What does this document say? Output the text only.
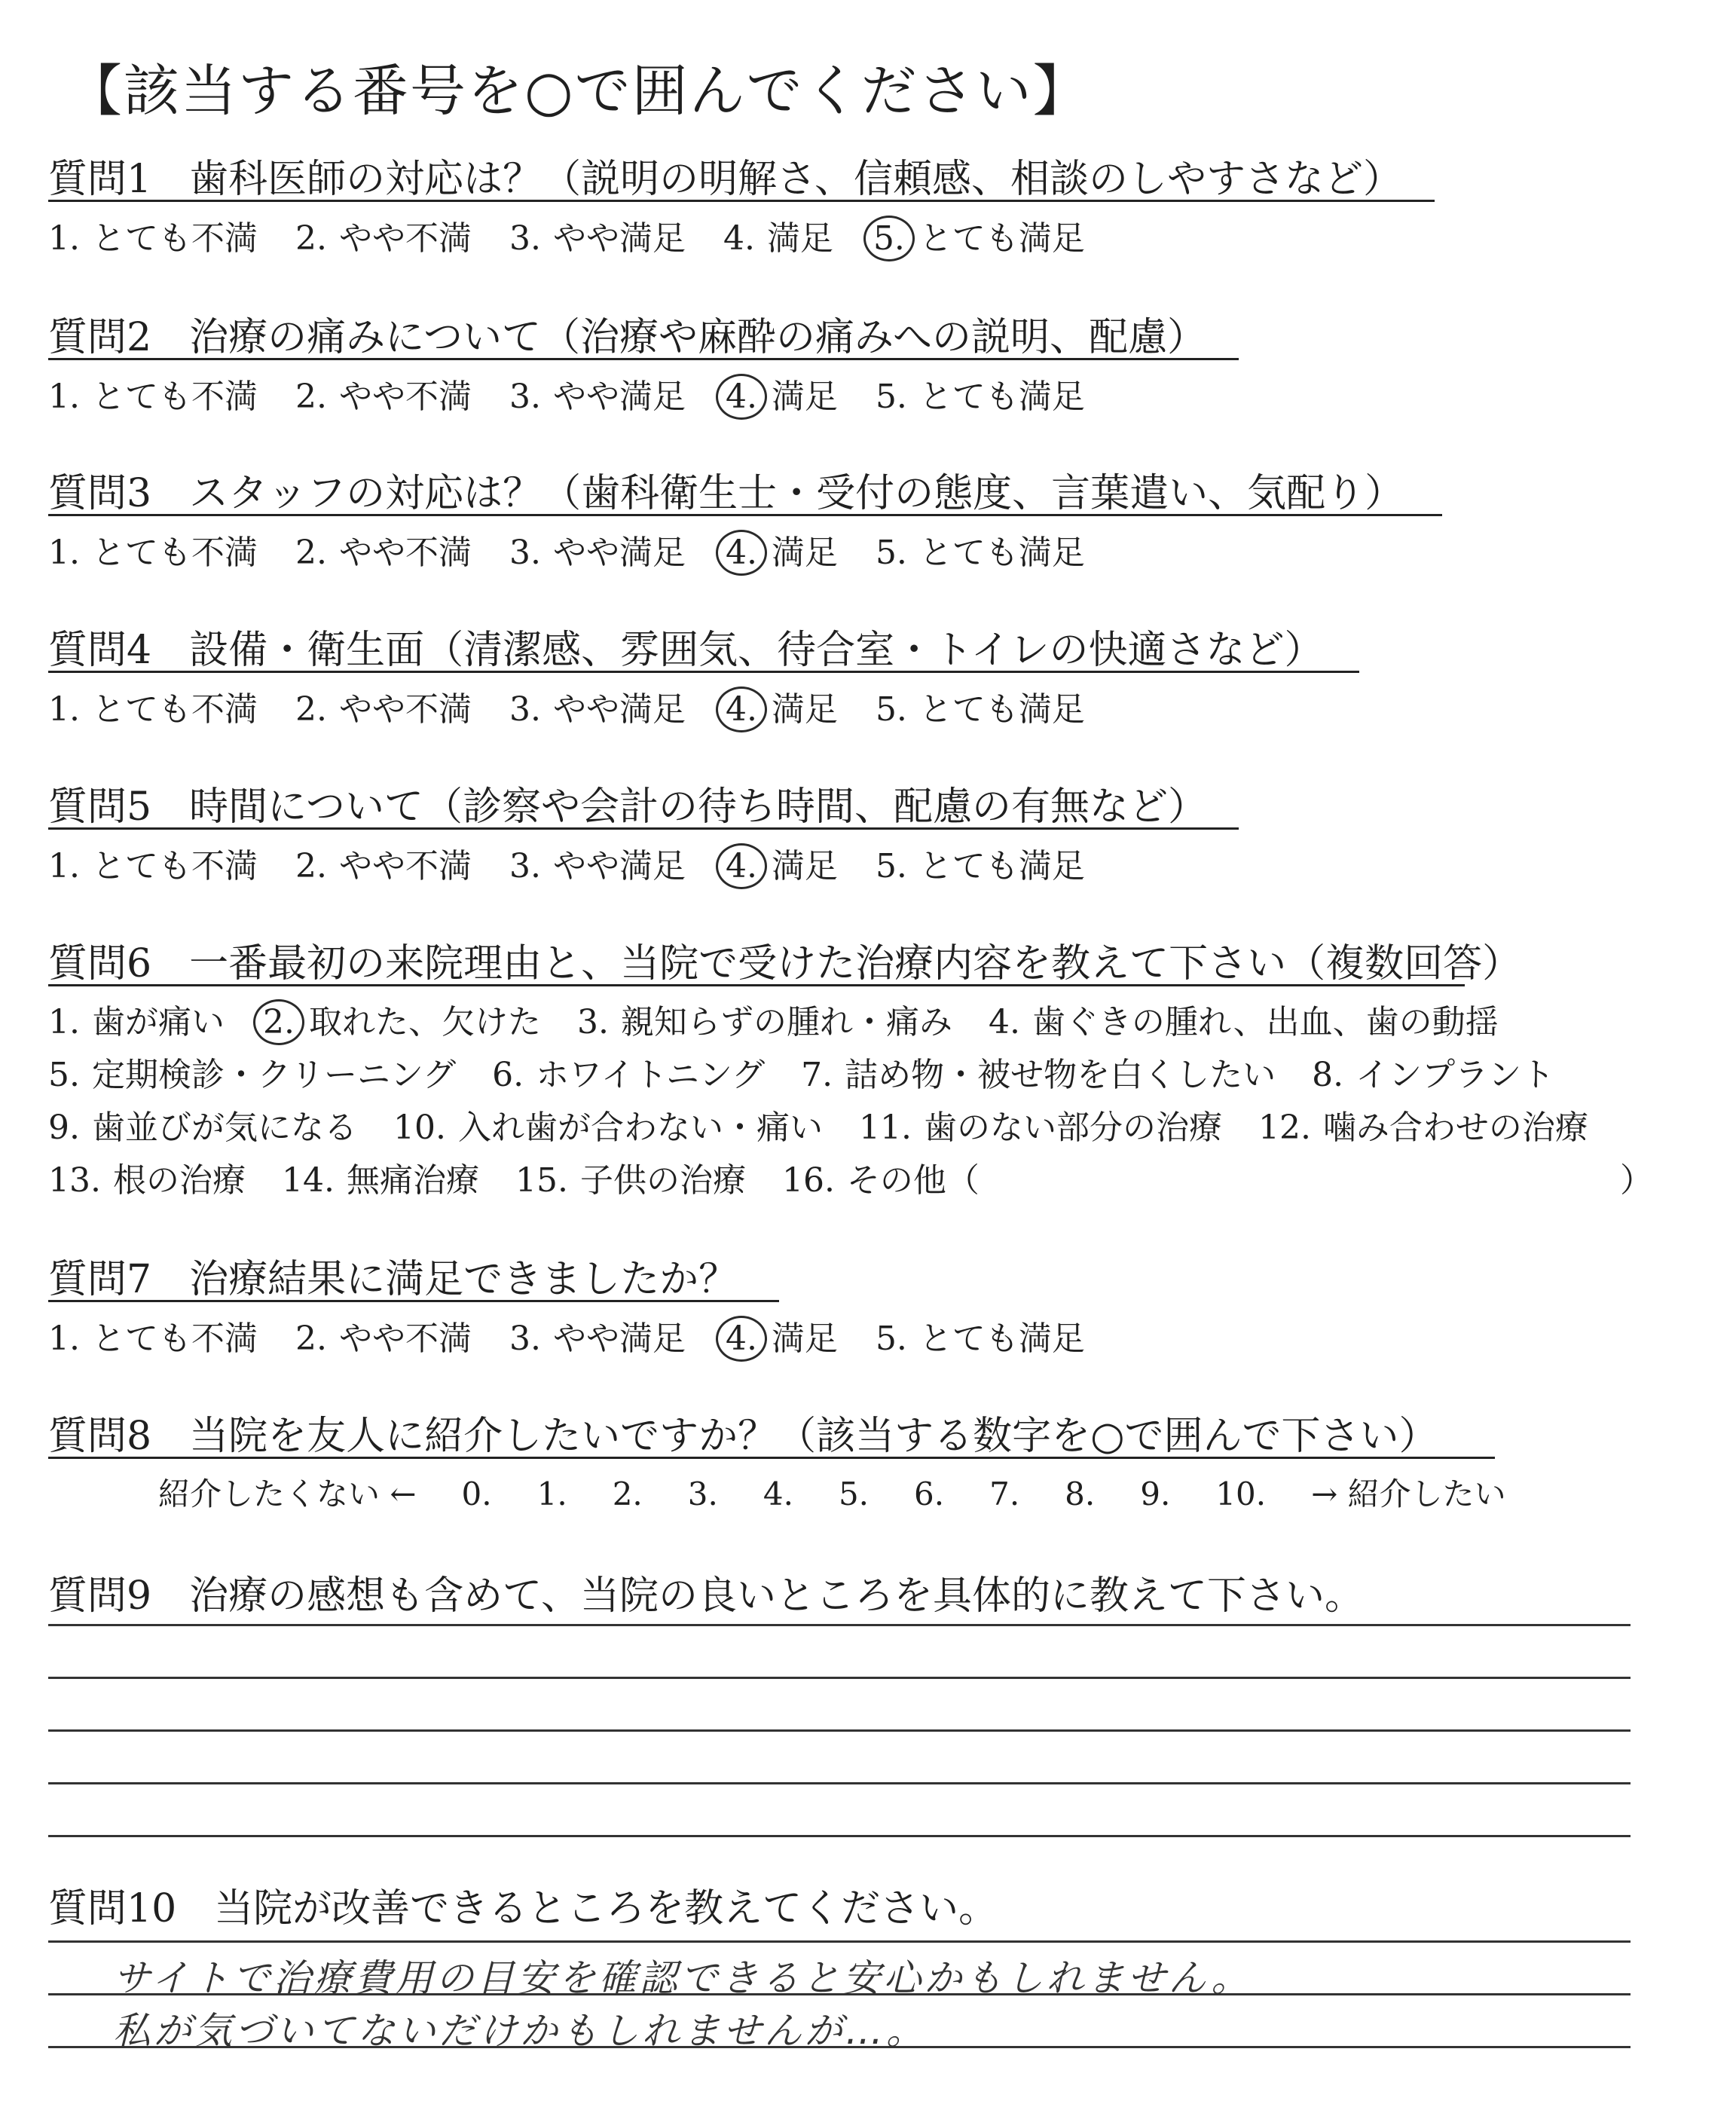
【該当する番号を○で囲んでください】
質問1 歯科医師の対応は？（説明の明解さ、信頼感、相談のしやすさなど）
1. とても不満 2. やや不満 3. やや満足 4. 満足 5. とても満足
質問2 治療の痛みについて（治療や麻酔の痛みへの説明、配慮）
1. とても不満 2. やや不満 3. やや満足 4. 満足 5. とても満足
質問3 スタッフの対応は？（歯科衛生士・受付の態度、言葉遣い、気配り）
1. とても不満 2. やや不満 3. やや満足 4. 満足 5. とても満足
質問4 設備・衛生面（清潔感、雰囲気、待合室・トイレの快適さなど）
1. とても不満 2. やや不満 3. やや満足 4. 満足 5. とても満足
質問5 時間について（診察や会計の待ち時間、配慮の有無など）
1. とても不満 2. やや不満 3. やや満足 4. 満足 5. とても満足
質問6 一番最初の来院理由と、当院で受けた治療内容を教えて下さい（複数回答）
1. 歯が痛い 2. 取れた、欠けた 3. 親知らずの腫れ・痛み 4. 歯ぐきの腫れ、出血、歯の動揺
5. 定期検診・クリーニング 6. ホワイトニング 7. 詰め物・被せ物を白くしたい 8. インプラント
9. 歯並びが気になる 10. 入れ歯が合わない・痛い 11. 歯のない部分の治療 12. 噛み合わせの治療
13. 根の治療 14. 無痛治療 15. 子供の治療 16. その他（	）
質問7 治療結果に満足できましたか？
1. とても不満 2. やや不満 3. やや満足 4. 満足 5. とても満足
質問8 当院を友人に紹介したいですか？（該当する数字を○で囲んで下さい）
紹介したくない ← 0. 1. 2. 3. 4. 5. 6. 7. 8. 9. 10. → 紹介したい
質問9 治療の感想も含めて、当院の良いところを具体的に教えて下さい。
質問10 当院が改善できるところを教えてください。
サイトで治療費用の目安を確認できると安心かもしれません。
私が気づいてないだけかもしれませんが…。
